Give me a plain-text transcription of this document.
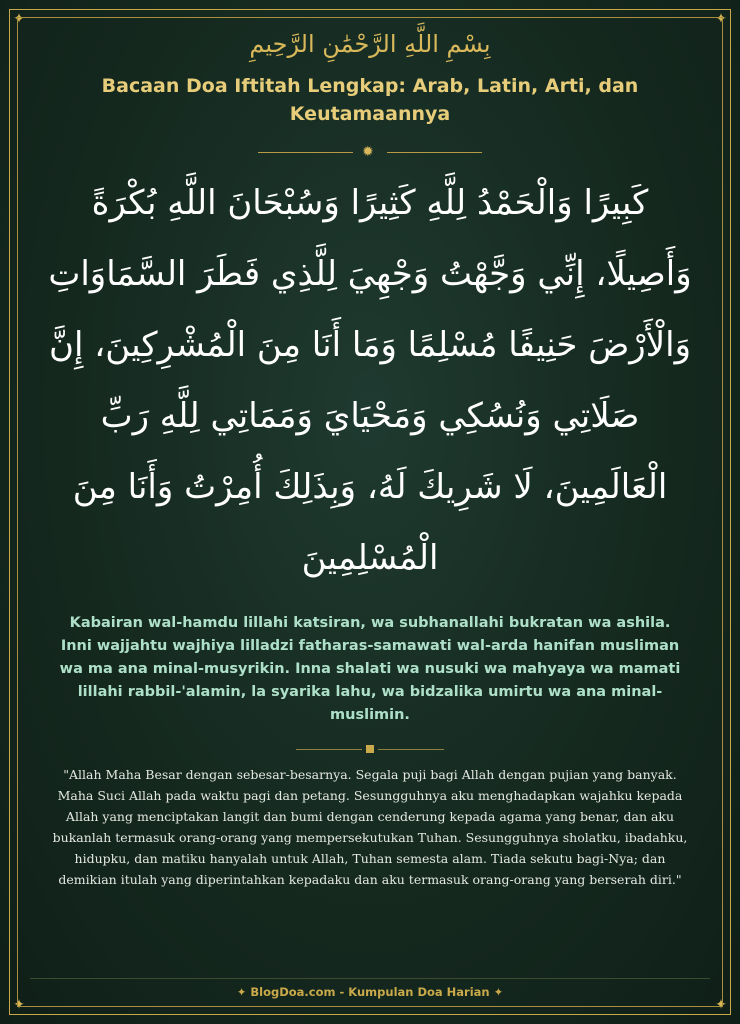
✦	✦
✦	✦
بِسْمِ اللَّهِ الرَّحْمَٰنِ الرَّحِيمِ
Bacaan Doa Iftitah Lengkap: Arab, Latin, Arti, dan Keutamaannya
✹
كَبِيرًا وَالْحَمْدُ لِلَّهِ كَثِيرًا وَسُبْحَانَ اللَّهِ بُكْرَةً وَأَصِيلًا، إِنِّي وَجَّهْتُ وَجْهِيَ لِلَّذِي فَطَرَ السَّمَاوَاتِ وَالْأَرْضَ حَنِيفًا مُسْلِمًا وَمَا أَنَا مِنَ الْمُشْرِكِينَ، إِنَّ صَلَاتِي وَنُسُكِي وَمَحْيَايَ وَمَمَاتِي لِلَّهِ رَبِّ الْعَالَمِينَ، لَا شَرِيكَ لَهُ، وَبِذَلِكَ أُمِرْتُ وَأَنَا مِنَ الْمُسْلِمِينَ
Kabairan wal-hamdu lillahi katsiran, wa subhanallahi bukratan wa ashila. Inni wajjahtu wajhiya lilladzi fatharas-samawati wal-arda hanifan musliman wa ma ana minal-musyrikin. Inna shalati wa nusuki wa mahyaya wa mamati lillahi rabbil-'alamin, la syarika lahu, wa bidzalika umirtu wa ana minal-muslimin.
"Allah Maha Besar dengan sebesar-besarnya. Segala puji bagi Allah dengan pujian yang banyak. Maha Suci Allah pada waktu pagi dan petang. Sesungguhnya aku menghadapkan wajahku kepada Allah yang menciptakan langit dan bumi dengan cenderung kepada agama yang benar, dan aku bukanlah termasuk orang-orang yang mempersekutukan Tuhan. Sesungguhnya sholatku, ibadahku, hidupku, dan matiku hanyalah untuk Allah, Tuhan semesta alam. Tiada sekutu bagi-Nya; dan demikian itulah yang diperintahkan kepadaku dan aku termasuk orang-orang yang berserah diri."
✦ BlogDoa.com - Kumpulan Doa Harian ✦
